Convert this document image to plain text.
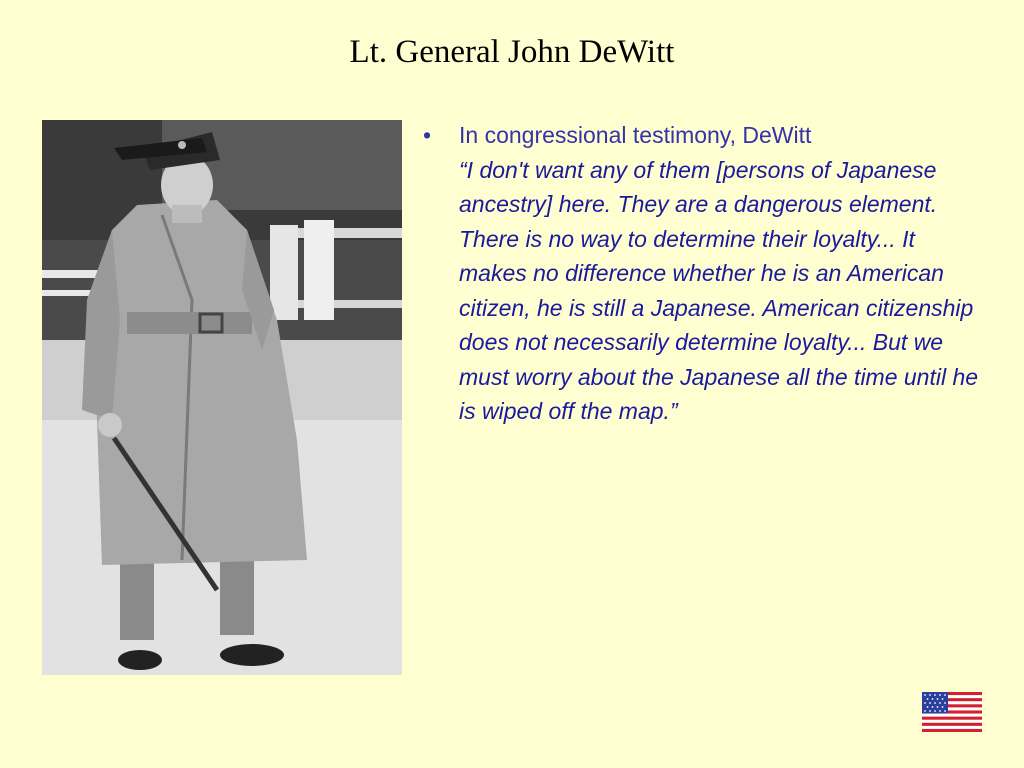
Lt. General John DeWitt
• In congressional testimony, DeWitt
“I don't want any of them [persons of Japanese ancestry] here. They are a dangerous element. There is no way to determine their loyalty... It makes no difference whether he is an American citizen, he is still a Japanese. American citizenship does not necessarily determine loyalty... But we must worry about the Japanese all the time until he is wiped off the map.”
